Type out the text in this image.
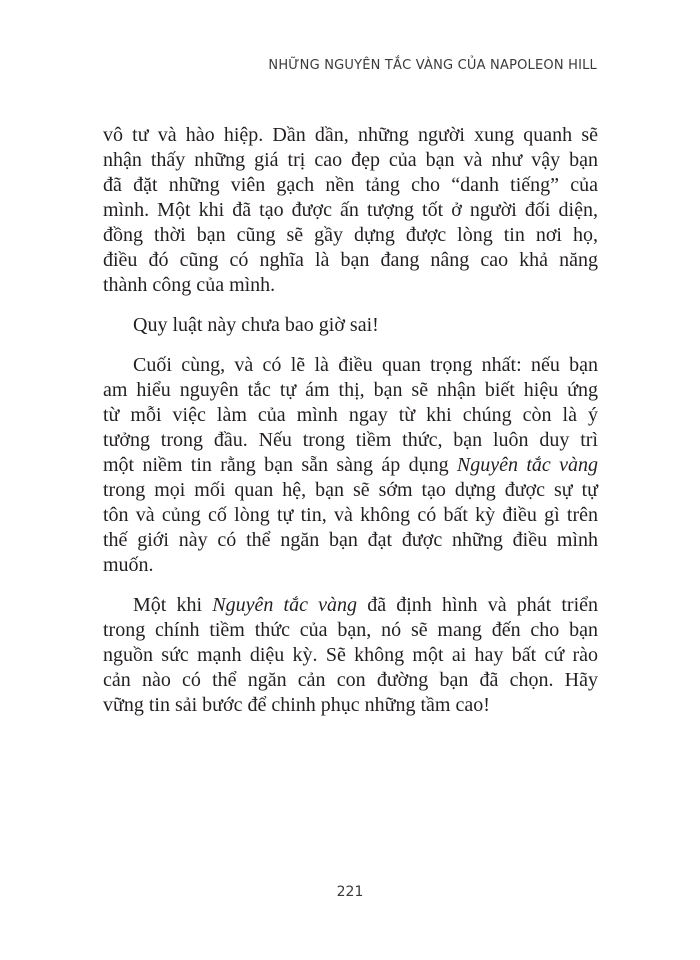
NHỮNG NGUYÊN TẮC VÀNG CỦA NAPOLEON HILL
vô tư và hào hiệp. Dần dần, những người xung quanh sẽ
nhận thấy những giá trị cao đẹp của bạn và như vậy bạn
đã đặt những viên gạch nền tảng cho “danh tiếng” của
mình. Một khi đã tạo được ấn tượng tốt ở người đối diện,
đồng thời bạn cũng sẽ gầy dựng được lòng tin nơi họ,
điều đó cũng có nghĩa là bạn đang nâng cao khả năng
thành công của mình.
Quy luật này chưa bao giờ sai!
Cuối cùng, và có lẽ là điều quan trọng nhất: nếu bạn
am hiểu nguyên tắc tự ám thị, bạn sẽ nhận biết hiệu ứng
từ mỗi việc làm của mình ngay từ khi chúng còn là ý
tưởng trong đầu. Nếu trong tiềm thức, bạn luôn duy trì
một niềm tin rằng bạn sẵn sàng áp dụng Nguyên tắc vàng
trong mọi mối quan hệ, bạn sẽ sớm tạo dựng được sự tự
tôn và củng cố lòng tự tin, và không có bất kỳ điều gì trên
thế giới này có thể ngăn bạn đạt được những điều mình
muốn.
Một khi Nguyên tắc vàng đã định hình và phát triển
trong chính tiềm thức của bạn, nó sẽ mang đến cho bạn
nguồn sức mạnh diệu kỳ. Sẽ không một ai hay bất cứ rào
cản nào có thể ngăn cản con đường bạn đã chọn. Hãy
vững tin sải bước để chinh phục những tầm cao!
221
